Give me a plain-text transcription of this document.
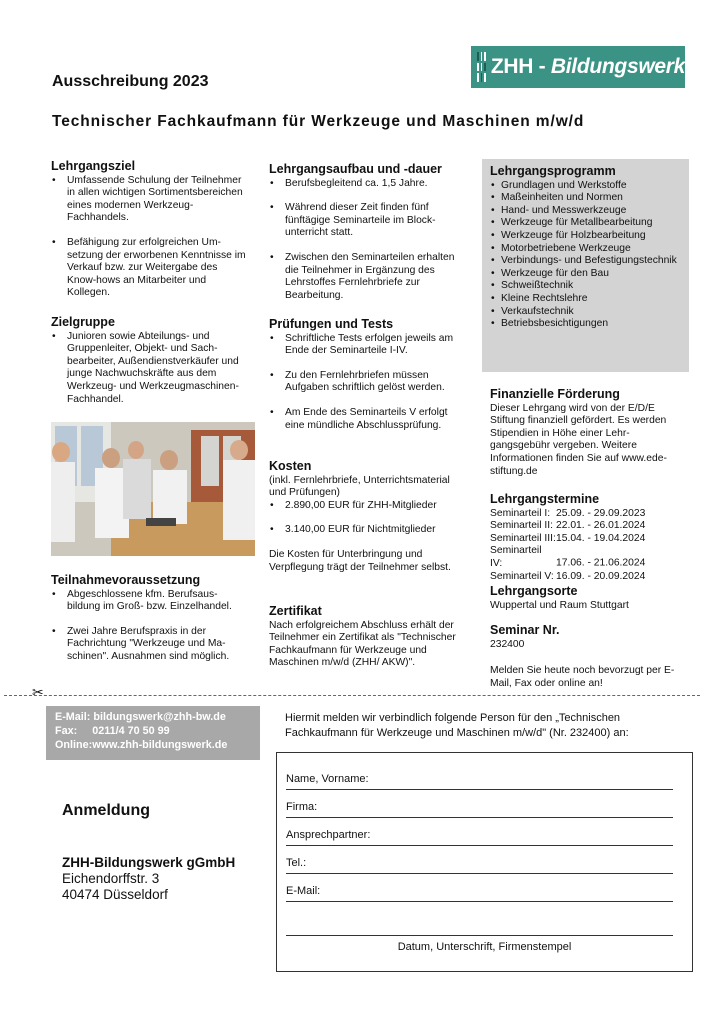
ZHH - Bildungswerk
Ausschreibung 2023
Technischer Fachkaufmann für Werkzeuge und Maschinen m/w/d
Lehrgangsziel
• Umfassende Schulung der Teilnehmer in allen wichtigen Sortimentsbereichen eines modernen Werkzeug-Fachhandels.
• Befähigung zur erfolgreichen Umsetzung der erworbenen Kenntnisse im Verkauf bzw. zur Weitergabe des Know-hows an Mitarbeiter und Kollegen.
Zielgruppe
• Junioren sowie Abteilungs- und Gruppenleiter, Objekt- und Sachbearbeiter, Außendienstverkäufer und junge Nachwuchskräfte aus dem Werkzeug- und Werkzeugmaschinen-Fachhandel.
Teilnahmevoraussetzung
• Abgeschlossene kfm. Berufsausbildung im Groß- bzw. Einzelhandel.
• Zwei Jahre Berufspraxis in der Fachrichtung "Werkzeuge und Maschinen". Ausnahmen sind möglich.
Lehrgangsaufbau und -dauer
• Berufsbegleitend ca. 1,5 Jahre.
• Während dieser Zeit finden fünf fünftägige Seminarteile im Blockunterricht statt.
• Zwischen den Seminarteilen erhalten die Teilnehmer in Ergänzung des Lehrstoffes Fernlehrbriefe zur Bearbeitung.
Prüfungen und Tests
• Schriftliche Tests erfolgen jeweils am Ende der Seminarteile I-IV.
• Zu den Fernlehrbriefen müssen Aufgaben schriftlich gelöst werden.
• Am Ende des Seminarteils V erfolgt eine mündliche Abschlussprüfung.
Kosten
(inkl. Fernlehrbriefe, Unterrichtsmaterial und Prüfungen)
• 2.890,00 EUR für ZHH-Mitglieder
• 3.140,00 EUR für Nichtmitglieder
Die Kosten für Unterbringung und Verpflegung trägt der Teilnehmer selbst.
Zertifikat
Nach erfolgreichem Abschluss erhält der Teilnehmer ein Zertifikat als "Technischer Fachkaufmann für Werkzeuge und Maschinen m/w/d (ZHH/ AKW)".
Lehrgangsprogramm
• Grundlagen und Werkstoffe
• Maßeinheiten und Normen
• Hand- und Messwerkzeuge
• Werkzeuge für Metallbearbeitung
• Werkzeuge für Holzbearbeitung
• Motorbetriebene Werkzeuge
• Verbindungs- und Befestigungstechnik
• Werkzeuge für den Bau
• Schweißtechnik
• Kleine Rechtslehre
• Verkaufstechnik
• Betriebsbesichtigungen
Finanzielle Förderung
Dieser Lehrgang wird von der E/D/E Stiftung finanziell gefördert. Es werden Stipendien in Höhe einer Lehrgangsgebühr vergeben. Weitere Informationen finden Sie auf www.ede-stiftung.de
Lehrgangstermine
Seminarteil I: 25.09. - 29.09.2023
Seminarteil II: 22.01. - 26.01.2024
Seminarteil III:15.04. - 19.04.2024
Seminarteil IV:	17.06. - 21.06.2024
Seminarteil V: 16.09. - 20.09.2024
Lehrgangsorte
Wuppertal und Raum Stuttgart
Seminar Nr.
232400
Melden Sie heute noch bevorzugt per E-Mail, Fax oder online an!
✂
E-Mail: bildungswerk@zhh-bw.de
Fax:     0211/4 70 50 99
Online:www.zhh-bildungswerk.de
Anmeldung
ZHH-Bildungswerk gGmbH
Eichendorffstr. 3
40474 Düsseldorf
Hiermit melden wir verbindlich folgende Person für den „Technischen Fachkaufmann für Werkzeuge und Maschinen m/w/d" (Nr. 232400) an:
Name, Vorname:
Firma:
Ansprechpartner:
Tel.:
E-Mail:
Datum, Unterschrift, Firmenstempel
